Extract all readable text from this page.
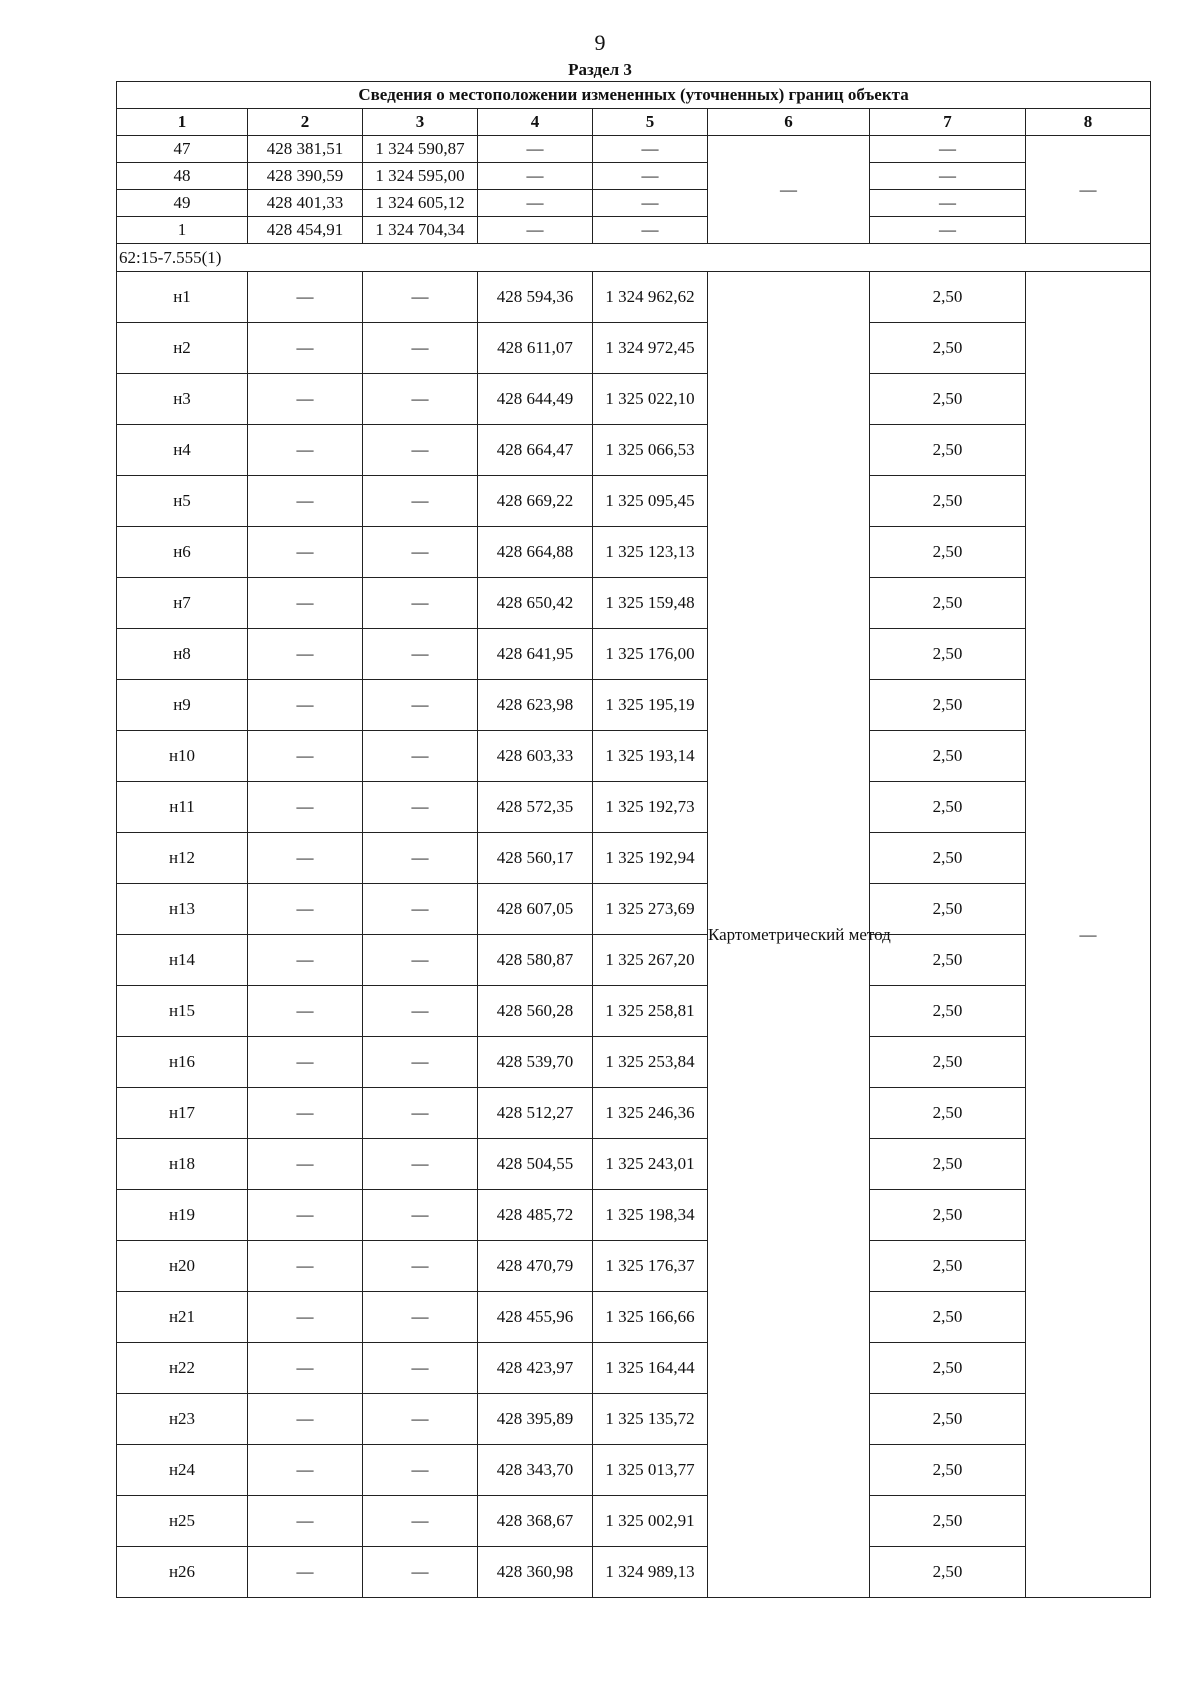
9
Раздел 3
Сведения о местоположении измененных (уточненных) границ объекта							
1	2	3	4	5	6	7	8
47	428 381,51	1 324 590,87	—	—	—	—	—
48	428 390,59	1 324 595,00	—	—		—	
49	428 401,33	1 324 605,12	—	—		—	
1	428 454,91	1 324 704,34	—	—		—	
62:15-7.555(1)							
н1	—	—	428 594,36	1 324 962,62	Картометрический метод	2,50	—
н2	—	—	428 611,07	1 324 972,45		2,50	
н3	—	—	428 644,49	1 325 022,10		2,50	
н4	—	—	428 664,47	1 325 066,53		2,50	
н5	—	—	428 669,22	1 325 095,45		2,50	
н6	—	—	428 664,88	1 325 123,13		2,50	
н7	—	—	428 650,42	1 325 159,48		2,50	
н8	—	—	428 641,95	1 325 176,00		2,50	
н9	—	—	428 623,98	1 325 195,19		2,50	
н10	—	—	428 603,33	1 325 193,14		2,50	
н11	—	—	428 572,35	1 325 192,73		2,50	
н12	—	—	428 560,17	1 325 192,94		2,50	
н13	—	—	428 607,05	1 325 273,69		2,50	
н14	—	—	428 580,87	1 325 267,20		2,50	
н15	—	—	428 560,28	1 325 258,81		2,50	
н16	—	—	428 539,70	1 325 253,84		2,50	
н17	—	—	428 512,27	1 325 246,36		2,50	
н18	—	—	428 504,55	1 325 243,01		2,50	
н19	—	—	428 485,72	1 325 198,34		2,50	
н20	—	—	428 470,79	1 325 176,37		2,50	
н21	—	—	428 455,96	1 325 166,66		2,50	
н22	—	—	428 423,97	1 325 164,44		2,50	
н23	—	—	428 395,89	1 325 135,72		2,50	
н24	—	—	428 343,70	1 325 013,77		2,50	
н25	—	—	428 368,67	1 325 002,91		2,50	
н26	—	—	428 360,98	1 324 989,13		2,50	
